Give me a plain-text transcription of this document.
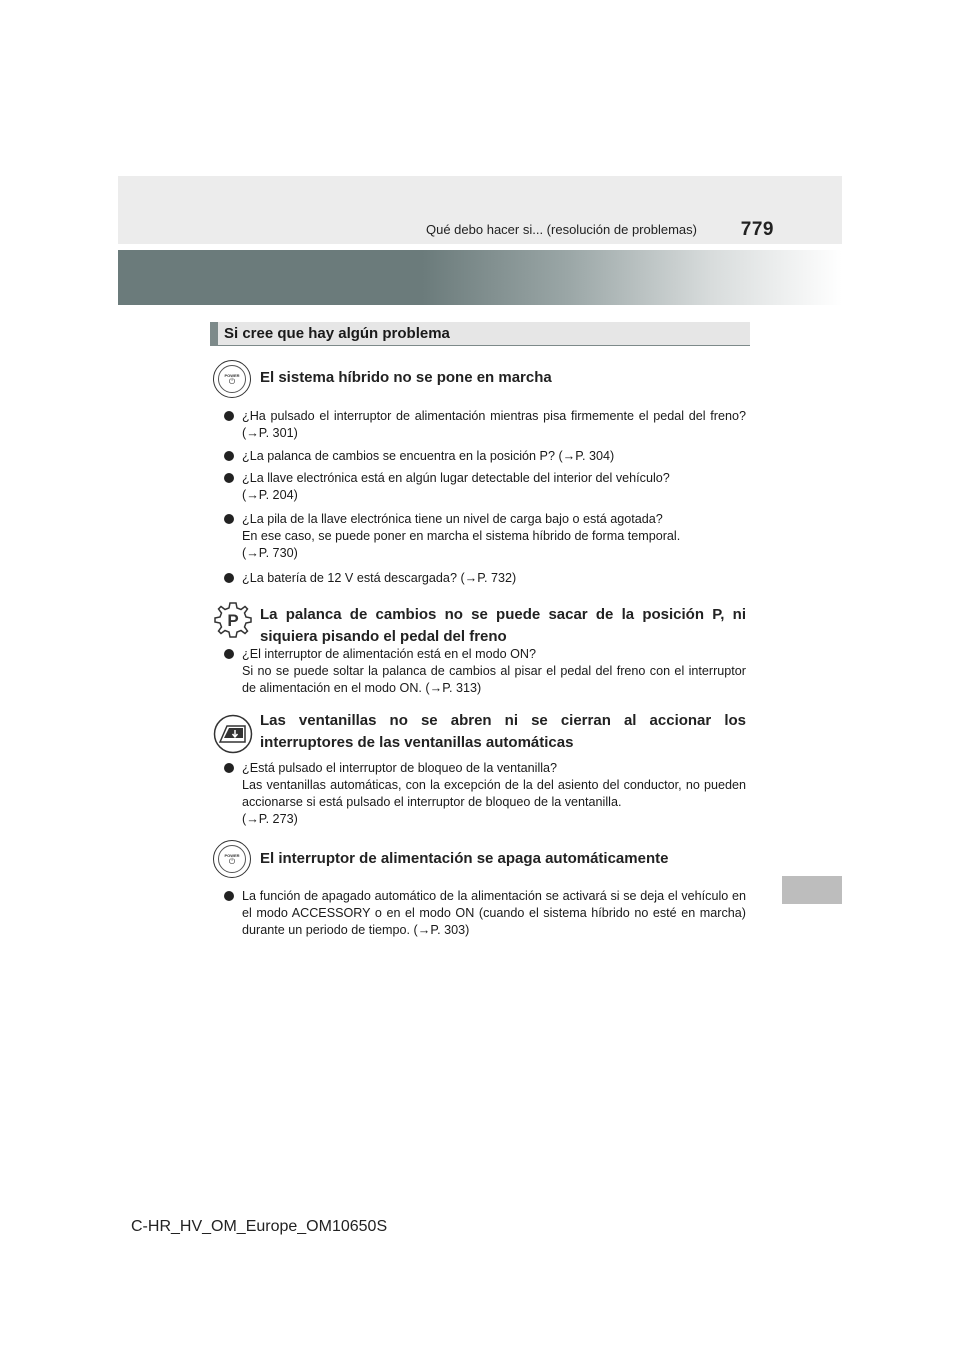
Qué debo hacer si... (resolución de problemas) 779
Si cree que hay algún problema
POWER
⏻ El sistema híbrido no se pone en marcha
¿Ha pulsado el interruptor de alimentación mientras pisa firmemente el pedal del freno? (→P. 301)
¿La palanca de cambios se encuentra en la posición P? (→P. 304)
¿La llave electrónica está en algún lugar detectable del interior del vehículo?
(→P. 204)
¿La pila de la llave electrónica tiene un nivel de carga bajo o está agotada?
En ese caso, se puede poner en marcha el sistema híbrido de forma temporal.
(→P. 730)
¿La batería de 12 V está descargada? (→P. 732)
P La palanca de cambios no se puede sacar de la posición P, ni siquiera pisando el pedal del freno
¿El interruptor de alimentación está en el modo ON?
Si no se puede soltar la palanca de cambios al pisar el pedal del freno con el interruptor de alimentación en el modo ON. (→P. 313)
Las ventanillas no se abren ni se cierran al accionar los interruptores de las ventanillas automáticas
¿Está pulsado el interruptor de bloqueo de la ventanilla?
Las ventanillas automáticas, con la excepción de la del asiento del conductor, no pueden accionarse si está pulsado el interruptor de bloqueo de la ventanilla.
(→P. 273)
POWER
⏻ El interruptor de alimentación se apaga automáticamente
La función de apagado automático de la alimentación se activará si se deja el vehículo en el modo ACCESSORY o en el modo ON (cuando el sistema híbrido no esté en marcha) durante un periodo de tiempo. (→P. 303)
C-HR_HV_OM_Europe_OM10650S
